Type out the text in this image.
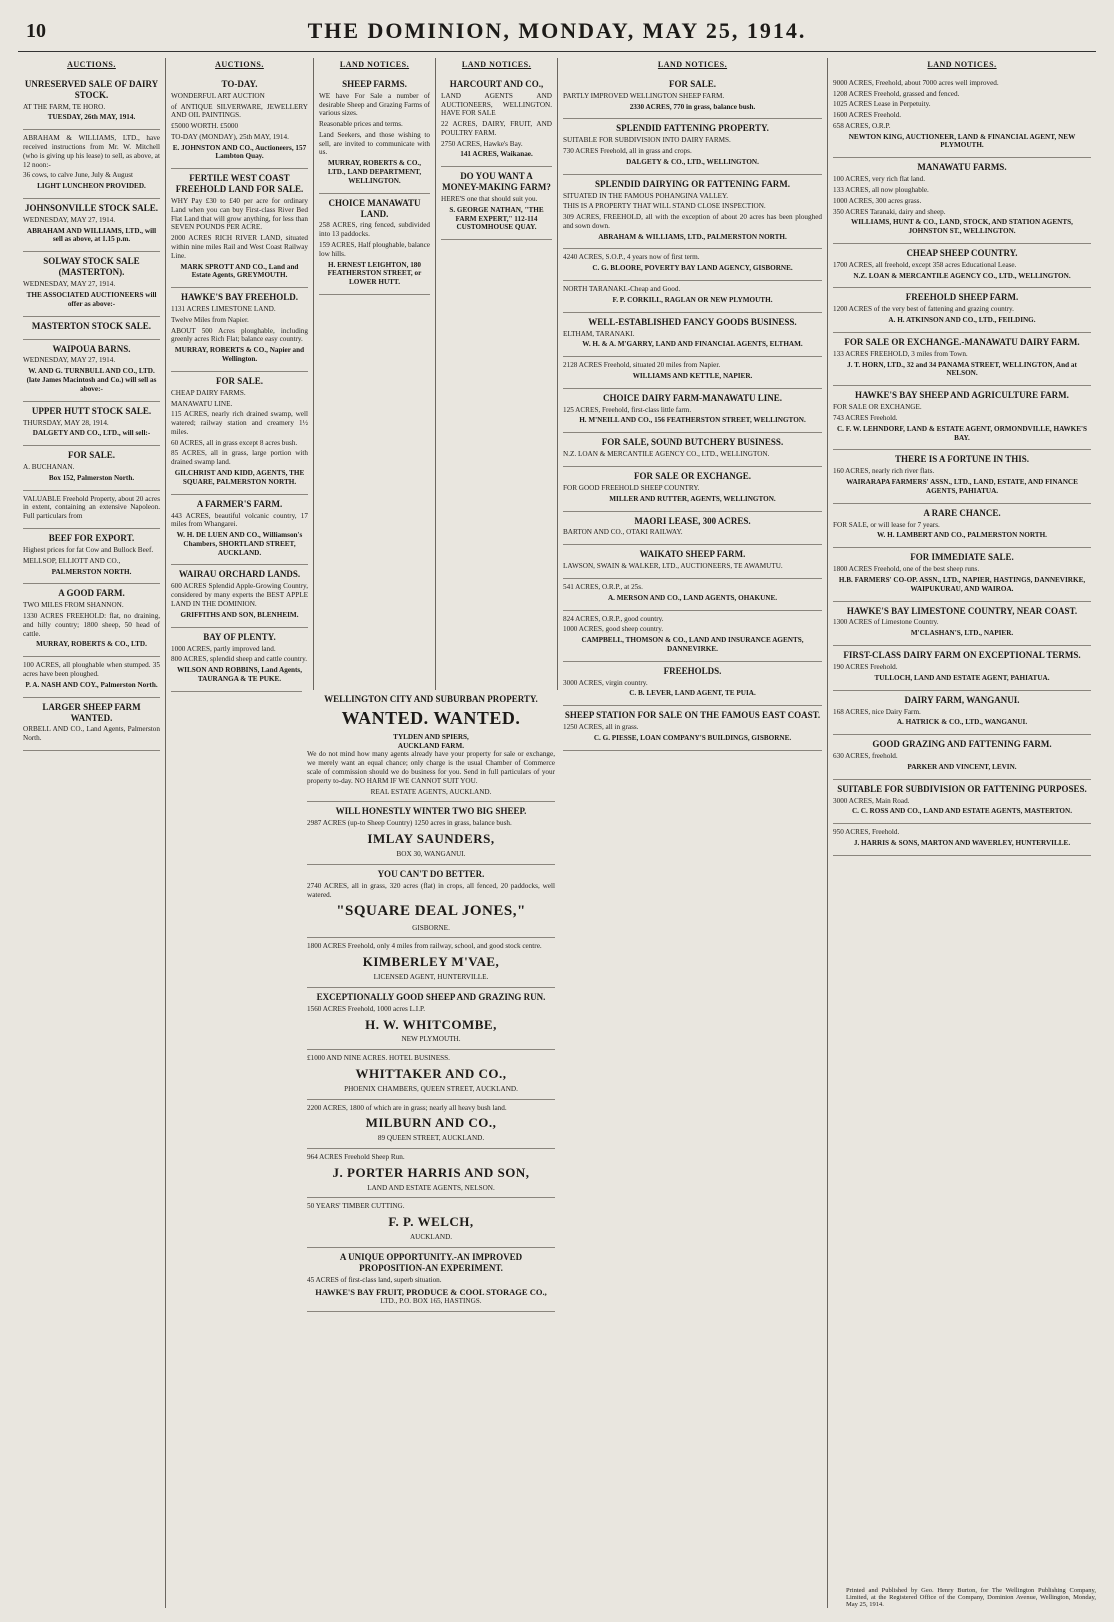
10	THE DOMINION, MONDAY, MAY 25, 1914.
AUCTIONS.
UNRESERVED SALE OF DAIRY STOCK.

AT THE FARM, TE HORO.

TUESDAY, 26th MAY, 1914.

ABRAHAM & WILLIAMS, LTD., have received instructions from Mr. W. Mitchell (who is giving up his lease) to sell, as above, at 12 noon:-

36 cows, to calve June, July & August

LIGHT LUNCHEON PROVIDED.

JOHNSONVILLE STOCK SALE.

WEDNESDAY, MAY 27, 1914.

ABRAHAM AND WILLIAMS, LTD., will sell as above, at 1.15 p.m.

SOLWAY STOCK SALE (MASTERTON).

WEDNESDAY, MAY 27, 1914.

THE ASSOCIATED AUCTIONEERS will offer as above:-

MASTERTON STOCK SALE.
WAIPOUA BARNS.

WEDNESDAY, MAY 27, 1914.

W. AND G. TURNBULL AND CO., LTD. (late James Macintosh and Co.) will sell as above:-

UPPER HUTT STOCK SALE.

THURSDAY, MAY 28, 1914.

DALGETY AND CO., LTD., will sell:-

FOR SALE.

A. BUCHANAN.

Box 152, Palmerston North.

VALUABLE Freehold Property, about 20 acres in extent, containing an extensive Napoleon. Full particulars from

BEEF FOR EXPORT.

Highest prices for fat Cow and Bullock Beef.

MELLSOP, ELLIOTT AND CO.,

PALMERSTON NORTH.

A GOOD FARM.

TWO MILES FROM SHANNON.

1330 ACRES FREEHOLD: flat, no draining, and hilly country; 1800 sheep, 50 head of cattle.

MURRAY, ROBERTS & CO., LTD.

100 ACRES, all ploughable when stumped. 35 acres have been ploughed.

P. A. NASH AND COY., Palmerston North.

LARGER SHEEP FARM WANTED.

ORBELL AND CO., Land Agents, Palmerston North.

AUCTIONS.
TO-DAY.

WONDERFUL ART AUCTION

of ANTIQUE SILVERWARE, JEWELLERY AND OIL PAINTINGS.

£5000 WORTH. £5000

TO-DAY (MONDAY), 25th MAY, 1914.

E. JOHNSTON AND CO., Auctioneers, 157 Lambton Quay.

FERTILE WEST COAST FREEHOLD LAND FOR SALE.

WHY Pay £30 to £40 per acre for ordinary Land when you can buy First-class River Bed Flat Land that will grow anything, for less than SEVEN POUNDS PER ACRE.

2000 ACRES RICH RIVER LAND, situated within nine miles Rail and West Coast Railway Line.

MARK SPROTT AND CO., Land and Estate Agents, GREYMOUTH.

HAWKE'S BAY FREEHOLD.

1131 ACRES LIMESTONE LAND.

Twelve Miles from Napier.

ABOUT 500 Acres ploughable, including greenly acres Rich Flat; balance easy country.

MURRAY, ROBERTS & CO., Napier and Wellington.

FOR SALE.

CHEAP DAIRY FARMS.

MANAWATU LINE.

115 ACRES, nearly rich drained swamp, well watered; railway station and creamery 1½ miles.

60 ACRES, all in grass except 8 acres bush.

85 ACRES, all in grass, large portion with drained swamp land.

GILCHRIST AND KIDD, AGENTS, THE SQUARE, PALMERSTON NORTH.

A FARMER'S FARM.

443 ACRES, beautiful volcanic country, 17 miles from Whangarei.

W. H. DE LUEN AND CO., Williamson's Chambers, SHORTLAND STREET, AUCKLAND.

WAIRAU ORCHARD LANDS.

600 ACRES Splendid Apple-Growing Country, considered by many experts the BEST APPLE LAND IN THE DOMINION.

GRIFFITHS AND SON, BLENHEIM.

BAY OF PLENTY.

1000 ACRES, partly improved land.

800 ACRES, splendid sheep and cattle country.

WILSON AND ROBBINS, Land Agents, TAURANGA & TE PUKE.

LAND NOTICES.
SHEEP FARMS.

WE have For Sale a number of desirable Sheep and Grazing Farms of various sizes.

Reasonable prices and terms.

Land Seekers, and those wishing to sell, are invited to communicate with us.

MURRAY, ROBERTS & CO., LTD., LAND DEPARTMENT, WELLINGTON.

CHOICE MANAWATU LAND.

258 ACRES, ring fenced, subdivided into 13 paddocks.

159 ACRES, Half ploughable, balance low hills.

H. ERNEST LEIGHTON, 180 FEATHERSTON STREET, or LOWER HUTT.

LAND NOTICES.
HARCOURT AND CO.,

LAND AGENTS AND AUCTIONEERS, WELLINGTON. HAVE FOR SALE

22 ACRES, DAIRY, FRUIT, AND POULTRY FARM.

2750 ACRES, Hawke's Bay.

141 ACRES, Waikanae.

DO YOU WANT A MONEY-MAKING FARM?

HERE'S one that should suit you.

S. GEORGE NATHAN, "THE FARM EXPERT," 112-114 CUSTOMHOUSE QUAY.

LAND NOTICES.
FOR SALE.

PARTLY IMPROVED WELLINGTON SHEEP FARM.

2330 ACRES, 770 in grass, balance bush.

SPLENDID FATTENING PROPERTY.

SUITABLE FOR SUBDIVISION INTO DAIRY FARMS.

730 ACRES Freehold, all in grass and crops.

DALGETY & CO., LTD., WELLINGTON.

SPLENDID DAIRYING OR FATTENING FARM.

SITUATED IN THE FAMOUS POHANGINA VALLEY.

THIS IS A PROPERTY THAT WILL STAND CLOSE INSPECTION.

309 ACRES, FREEHOLD, all with the exception of about 20 acres has been ploughed and sown down.

ABRAHAM & WILLIAMS, LTD., PALMERSTON NORTH.

4240 ACRES, S.O.P., 4 years now of first term.

C. G. BLOORE, POVERTY BAY LAND AGENCY, GISBORNE.

NORTH TARANAKI.-Cheap and Good.

F. P. CORKILL, RAGLAN OR NEW PLYMOUTH.

WELL-ESTABLISHED FANCY GOODS BUSINESS.

ELTHAM, TARANAKI.

W. H. & A. M'GARRY, LAND AND FINANCIAL AGENTS, ELTHAM.

2128 ACRES Freehold, situated 20 miles from Napier.

WILLIAMS AND KETTLE, NAPIER.

CHOICE DAIRY FARM-MANAWATU LINE.

125 ACRES, Freehold, first-class little farm.

H. M'NEILL AND CO., 156 FEATHERSTON STREET, WELLINGTON.

FOR SALE, SOUND BUTCHERY BUSINESS.

N.Z. LOAN & MERCANTILE AGENCY CO., LTD., WELLINGTON.

FOR SALE OR EXCHANGE.

FOR GOOD FREEHOLD SHEEP COUNTRY.

MILLER AND RUTTER, AGENTS, WELLINGTON.

MAORI LEASE, 300 ACRES.

BARTON AND CO., OTAKI RAILWAY.

WAIKATO SHEEP FARM.

LAWSON, SWAIN & WALKER, LTD., AUCTIONEERS, TE AWAMUTU.

541 ACRES, O.R.P., at 25s.

A. MERSON AND CO., LAND AGENTS, OHAKUNE.

824 ACRES, O.R.P., good country.

1000 ACRES, good sheep country.

CAMPBELL, THOMSON & CO., LAND AND INSURANCE AGENTS, DANNEVIRKE.

FREEHOLDS.

3000 ACRES, virgin country.

C. B. LEVER, LAND AGENT, TE PUIA.

SHEEP STATION FOR SALE ON THE FAMOUS EAST COAST.

1250 ACRES, all in grass.

C. G. PIESSE, LOAN COMPANY'S BUILDINGS, GISBORNE.

LAND NOTICES.

9000 ACRES, Freehold, about 7000 acres well improved.

1208 ACRES Freehold, grassed and fenced.

1025 ACRES Lease in Perpetuity.

1600 ACRES Freehold.

658 ACRES, O.R.P.

NEWTON KING, AUCTIONEER, LAND & FINANCIAL AGENT, NEW PLYMOUTH.

MANAWATU FARMS.

100 ACRES, very rich flat land.

133 ACRES, all now ploughable.

1000 ACRES, 300 acres grass.

350 ACRES Taranaki, dairy and sheep.

WILLIAMS, HUNT & CO., LAND, STOCK, AND STATION AGENTS, JOHNSTON ST., WELLINGTON.

CHEAP SHEEP COUNTRY.

1700 ACRES, all freehold, except 358 acres Educational Lease.

N.Z. LOAN & MERCANTILE AGENCY CO., LTD., WELLINGTON.

FREEHOLD SHEEP FARM.

1200 ACRES of the very best of fattening and grazing country.

A. H. ATKINSON AND CO., LTD., FEILDING.

FOR SALE OR EXCHANGE.-MANAWATU DAIRY FARM.

133 ACRES FREEHOLD, 3 miles from Town.

J. T. HORN, LTD., 32 and 34 PANAMA STREET, WELLINGTON, And at NELSON.

HAWKE'S BAY SHEEP AND AGRICULTURE FARM.

FOR SALE OR EXCHANGE.

743 ACRES Freehold.

C. F. W. LEHNDORF, LAND & ESTATE AGENT, ORMONDVILLE, HAWKE'S BAY.

THERE IS A FORTUNE IN THIS.

160 ACRES, nearly rich river flats.

WAIRARAPA FARMERS' ASSN., LTD., LAND, ESTATE, AND FINANCE AGENTS, PAHIATUA.

A RARE CHANCE.

FOR SALE, or will lease for 7 years.

W. H. LAMBERT AND CO., PALMERSTON NORTH.

FOR IMMEDIATE SALE.

1800 ACRES Freehold, one of the best sheep runs.

H.B. FARMERS' CO-OP. ASSN., LTD., NAPIER, HASTINGS, DANNEVIRKE, WAIPUKURAU, AND WAIROA.

HAWKE'S BAY LIMESTONE COUNTRY, NEAR COAST.

1300 ACRES of Limestone Country.

M'CLASHAN'S, LTD., NAPIER.

FIRST-CLASS DAIRY FARM ON EXCEPTIONAL TERMS.

190 ACRES Freehold.

TULLOCH, LAND AND ESTATE AGENT, PAHIATUA.

DAIRY FARM, WANGANUI.

168 ACRES, nice Dairy Farm.

A. HATRICK & CO., LTD., WANGANUI.

GOOD GRAZING AND FATTENING FARM.

630 ACRES, freehold.

PARKER AND VINCENT, LEVIN.

SUITABLE FOR SUBDIVISION OR FATTENING PURPOSES.

3000 ACRES, Main Road.

C. C. ROSS AND CO., LAND AND ESTATE AGENTS, MASTERTON.

950 ACRES, Freehold.

J. HARRIS & SONS, MARTON AND WAVERLEY, HUNTERVILLE.

WELLINGTON CITY AND SUBURBAN PROPERTY.
WANTED. WANTED.
TYLDEN AND SPIERS,
AUCKLAND FARM.

We do not mind how many agents already have your property for sale or exchange, we merely want an equal chance; only charge is the usual Chamber of Commerce scale of commission should we do business for you. Send in full particulars of your property to-day. NO HARM IF WE CANNOT SUIT YOU.

REAL ESTATE AGENTS, AUCKLAND.
WILL HONESTLY WINTER TWO BIG SHEEP.

2987 ACRES (up-to Sheep Country) 1250 acres in grass, balance bush.

IMLAY SAUNDERS,
BOX 30, WANGANUI.
YOU CAN'T DO BETTER.

2740 ACRES, all in grass, 320 acres (flat) in crops, all fenced, 20 paddocks, well watered.

"SQUARE DEAL JONES,"
GISBORNE.

1800 ACRES Freehold, only 4 miles from railway, school, and good stock centre.

KIMBERLEY M'VAE,
LICENSED AGENT, HUNTERVILLE.
EXCEPTIONALLY GOOD SHEEP AND GRAZING RUN.

1560 ACRES Freehold, 1000 acres L.I.P.

H. W. WHITCOMBE,
NEW PLYMOUTH.

£1000 AND NINE ACRES. HOTEL BUSINESS.

WHITTAKER AND CO.,
PHOENIX CHAMBERS, QUEEN STREET, AUCKLAND.

2200 ACRES, 1800 of which are in grass; nearly all heavy bush land.

MILBURN AND CO.,
89 QUEEN STREET, AUCKLAND.

964 ACRES Freehold Sheep Run.

J. PORTER HARRIS AND SON,
LAND AND ESTATE AGENTS, NELSON.

50 YEARS' TIMBER CUTTING.

F. P. WELCH,
AUCKLAND.
A UNIQUE OPPORTUNITY.-AN IMPROVED PROPOSITION-AN EXPERIMENT.

45 ACRES of first-class land, superb situation.

HAWKE'S BAY FRUIT, PRODUCE & COOL STORAGE CO.,
LTD., P.O. BOX 165, HASTINGS.
Printed and Published by Geo. Henry Burton, for The Wellington Publishing Company, Limited, at the Registered Office of the Company, Dominion Avenue, Wellington, Monday, May 25, 1914.
